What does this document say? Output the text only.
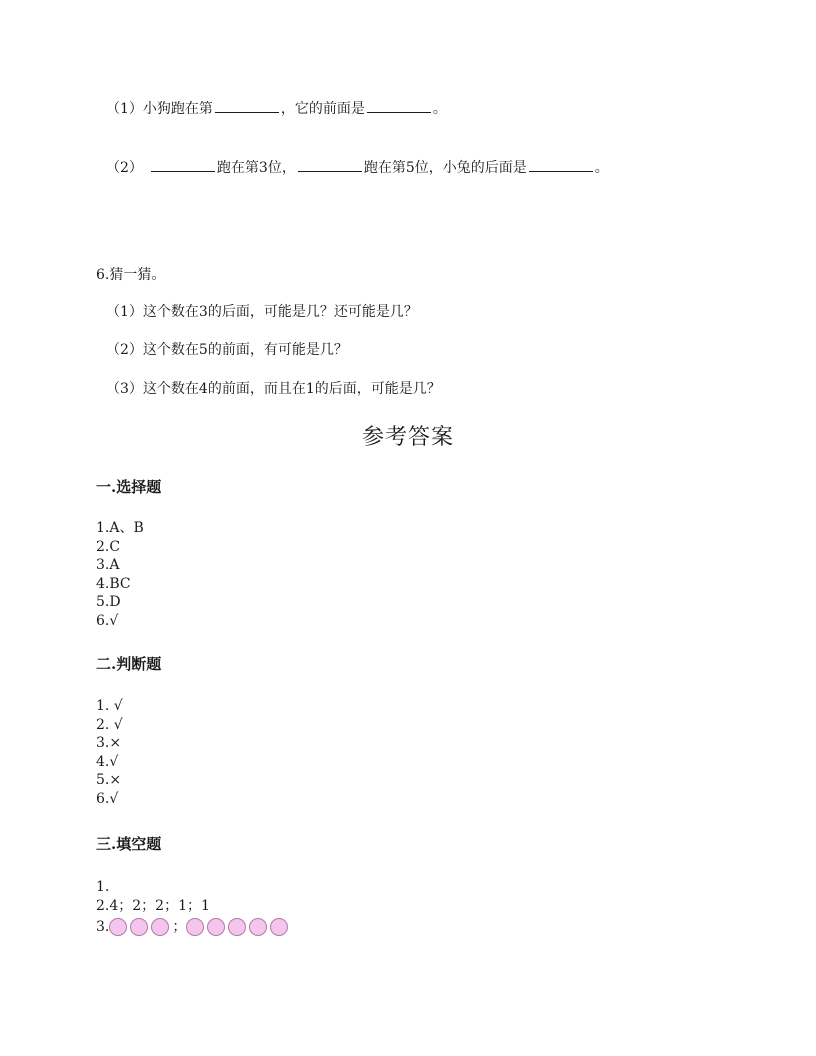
（1）小狗跑在第	，它的前面是	。
（2）	跑在第3位，	跑在第5位，小兔的后面是	。
6.猜一猜。
（1）这个数在3的后面，可能是几？还可能是几？
（2）这个数在5的前面，有可能是几？
（3）这个数在4的前面，而且在1的后面，可能是几？
参考答案
一.选择题
1.A、B
2.C
3.A
4.BC
5.D
6.√
二.判断题
1. √
2. √
3.×
4.√
5.×
6.√
三.填空题
1.
2.4；2；2；1；1
3.	；
